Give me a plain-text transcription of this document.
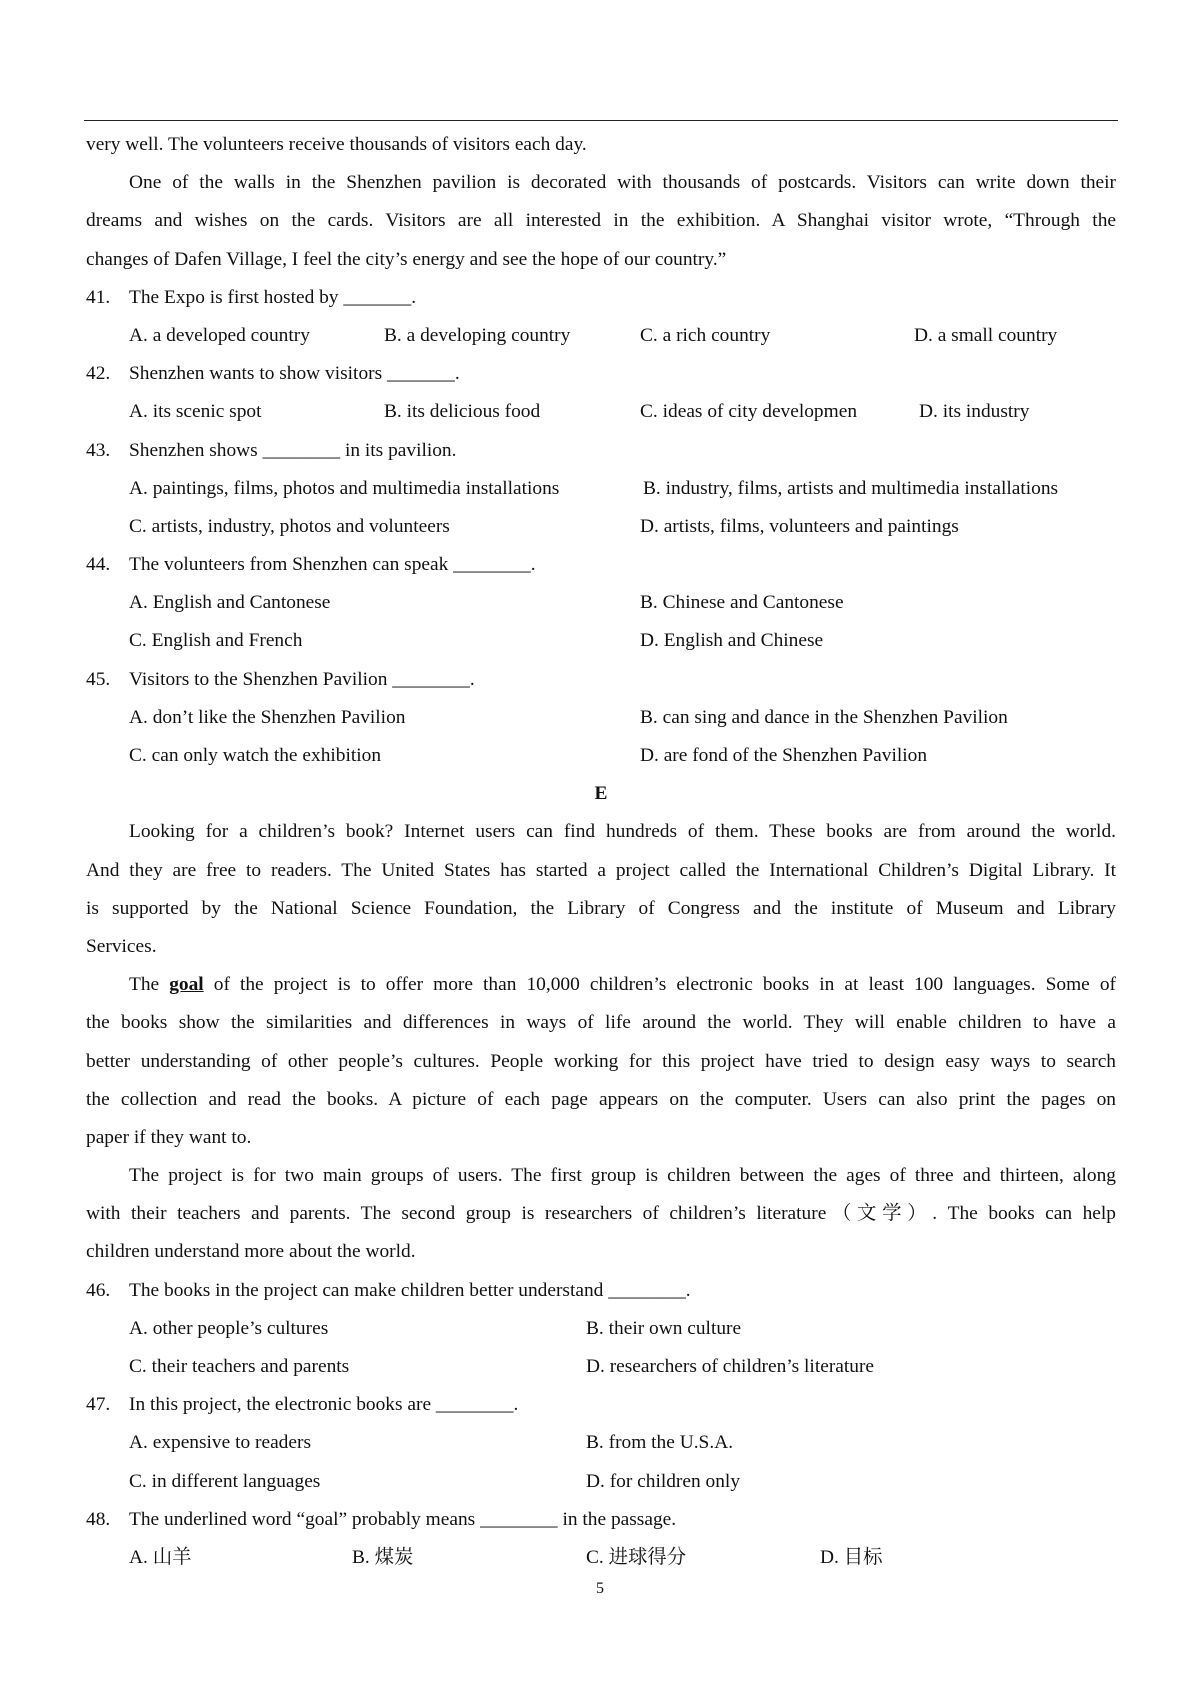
very well. The volunteers receive thousands of visitors each day.
One of the walls in the Shenzhen pavilion is decorated with thousands of postcards. Visitors can write down their
dreams and wishes on the cards. Visitors are all interested in the exhibition. A Shanghai visitor wrote, “Through the
changes of Dafen Village, I feel the city’s energy and see the hope of our country.”
41. The Expo is first hosted by _______.
A. a developed country	B. a developing country	C. a rich country	D. a small country
42. Shenzhen wants to show visitors _______.
A. its scenic spot	B. its delicious food	C. ideas of city developmen	D. its industry
43. Shenzhen shows ________ in its pavilion.
A. paintings, films, photos and multimedia installations	B. industry, films, artists and multimedia installations
C. artists, industry, photos and volunteers	D. artists, films, volunteers and paintings
44. The volunteers from Shenzhen can speak ________.
A. English and Cantonese	B. Chinese and Cantonese
C. English and French	D. English and Chinese
45. Visitors to the Shenzhen Pavilion ________.
A. don’t like the Shenzhen Pavilion	B. can sing and dance in the Shenzhen Pavilion
C. can only watch the exhibition	D. are fond of the Shenzhen Pavilion
E
Looking for a children’s book? Internet users can find hundreds of them. These books are from around the world.
And they are free to readers. The United States has started a project called the International Children’s Digital Library. It
is supported by the National Science Foundation, the Library of Congress and the institute of Museum and Library
Services.
The goal of the project is to offer more than 10,000 children’s electronic books in at least 100 languages. Some of
the books show the similarities and differences in ways of life around the world. They will enable children to have a
better understanding of other people’s cultures. People working for this project have tried to design easy ways to search
the collection and read the books. A picture of each page appears on the computer. Users can also print the pages on
paper if they want to.
The project is for two main groups of users. The first group is children between the ages of three and thirteen, along
with their teachers and parents. The second group is researchers of children’s literature（文学）. The books can help
children understand more about the world.
46. The books in the project can make children better understand ________.
A. other people’s cultures	B. their own culture
C. their teachers and parents	D. researchers of children’s literature
47. In this project, the electronic books are ________.
A. expensive to readers	B. from the U.S.A.
C. in different languages	D. for children only
48. The underlined word “goal” probably means ________ in the passage.
A. 山羊	B. 煤炭	C. 进球得分	D. 目标
5
